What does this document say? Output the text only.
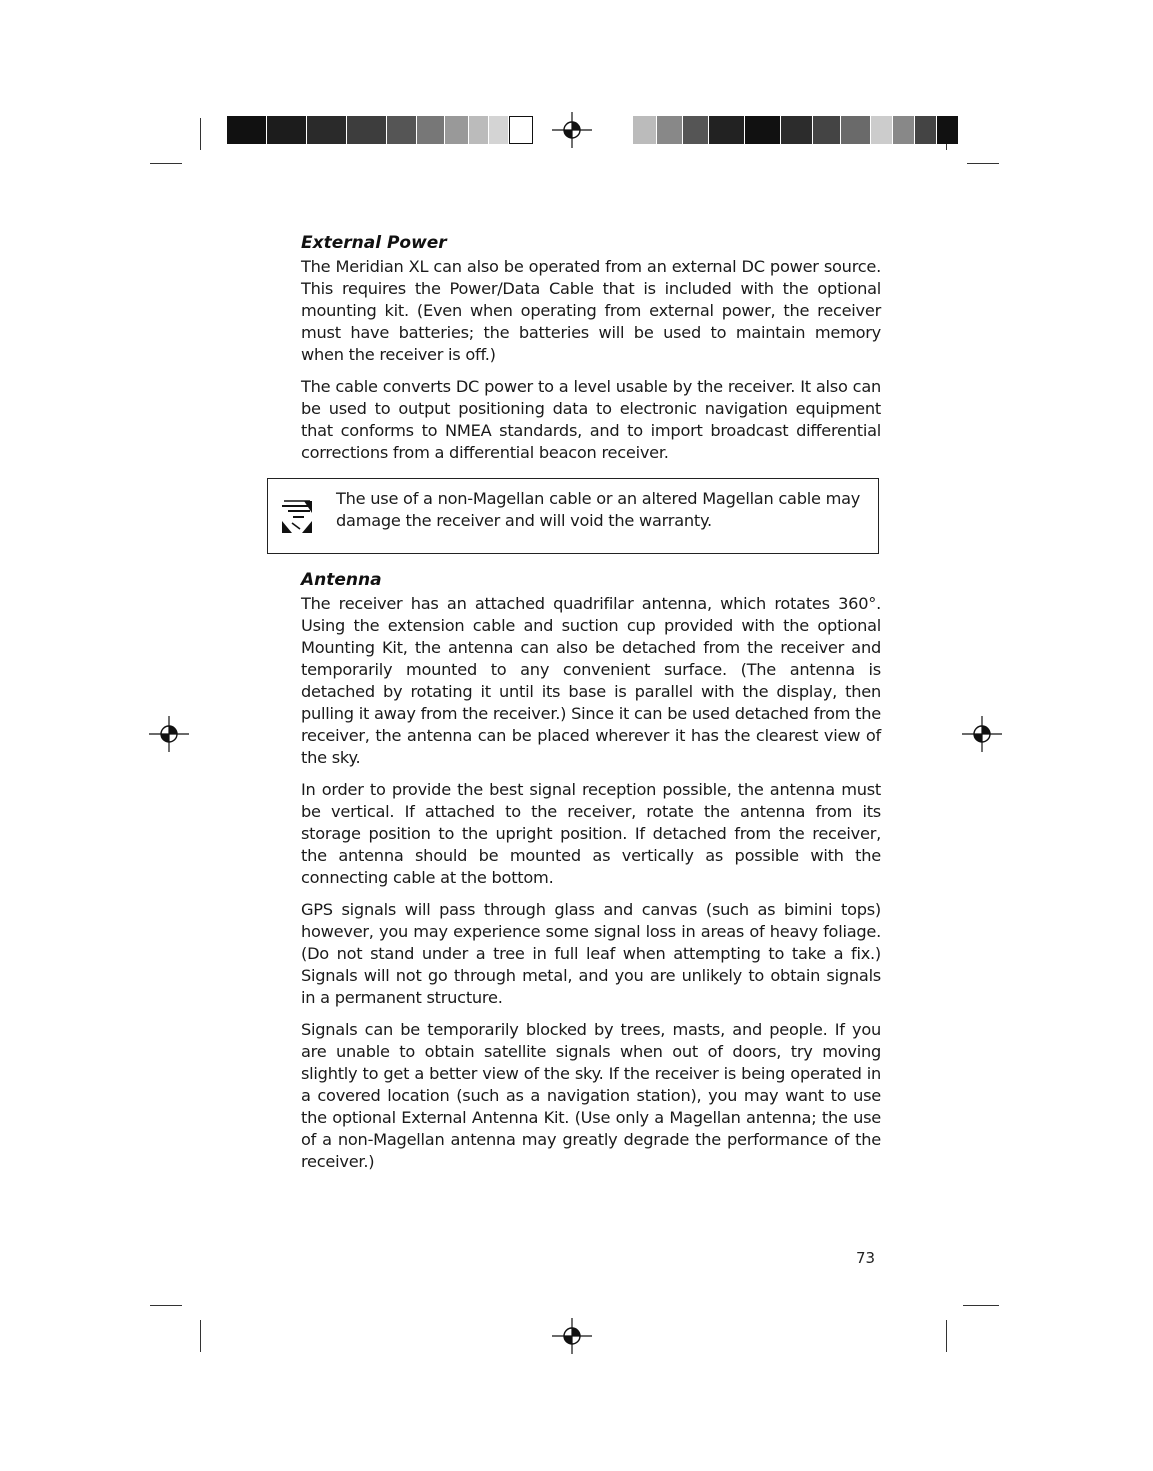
External Power

The Meridian XL can also be operated from an external DC power source. This requires the Power/Data Cable that is included with the optional mounting kit. (Even when operating from external power, the receiver must have batteries; the batteries will be used to maintain memory when the receiver is off.)

The cable converts DC power to a level usable by the receiver. It also can be used to output positioning data to electronic navigation equipment that conforms to NMEA standards, and to import broadcast differential corrections from a differential beacon receiver.

The use of a non-Magellan cable or an altered Magellan cable may damage the receiver and will void the warranty.
Antenna

The receiver has an attached quadrifilar antenna, which rotates 360°. Using the extension cable and suction cup provided with the optional Mounting Kit, the antenna can also be detached from the receiver and temporarily mounted to any convenient surface. (The antenna is detached by rotating it until its base is parallel with the display, then pulling it away from the receiver.) Since it can be used detached from the receiver, the antenna can be placed wherever it has the clearest view of the sky.

In order to provide the best signal reception possible, the antenna must be vertical. If attached to the receiver, rotate the antenna from its storage position to the upright position. If detached from the receiver, the antenna should be mounted as vertically as possible with the connecting cable at the bottom.

GPS signals will pass through glass and canvas (such as bimini tops) however, you may experience some signal loss in areas of heavy foliage. (Do not stand under a tree in full leaf when attempting to take a fix.) Signals will not go through metal, and you are unlikely to obtain signals in a permanent structure.

Signals can be temporarily blocked by trees, masts, and people. If you are unable to obtain satellite signals when out of doors, try moving slightly to get a better view of the sky. If the receiver is being operated in a covered location (such as a navigation station), you may want to use the optional External Antenna Kit. (Use only a Magellan antenna; the use of a non-Magellan antenna may greatly degrade the performance of the receiver.)

73
